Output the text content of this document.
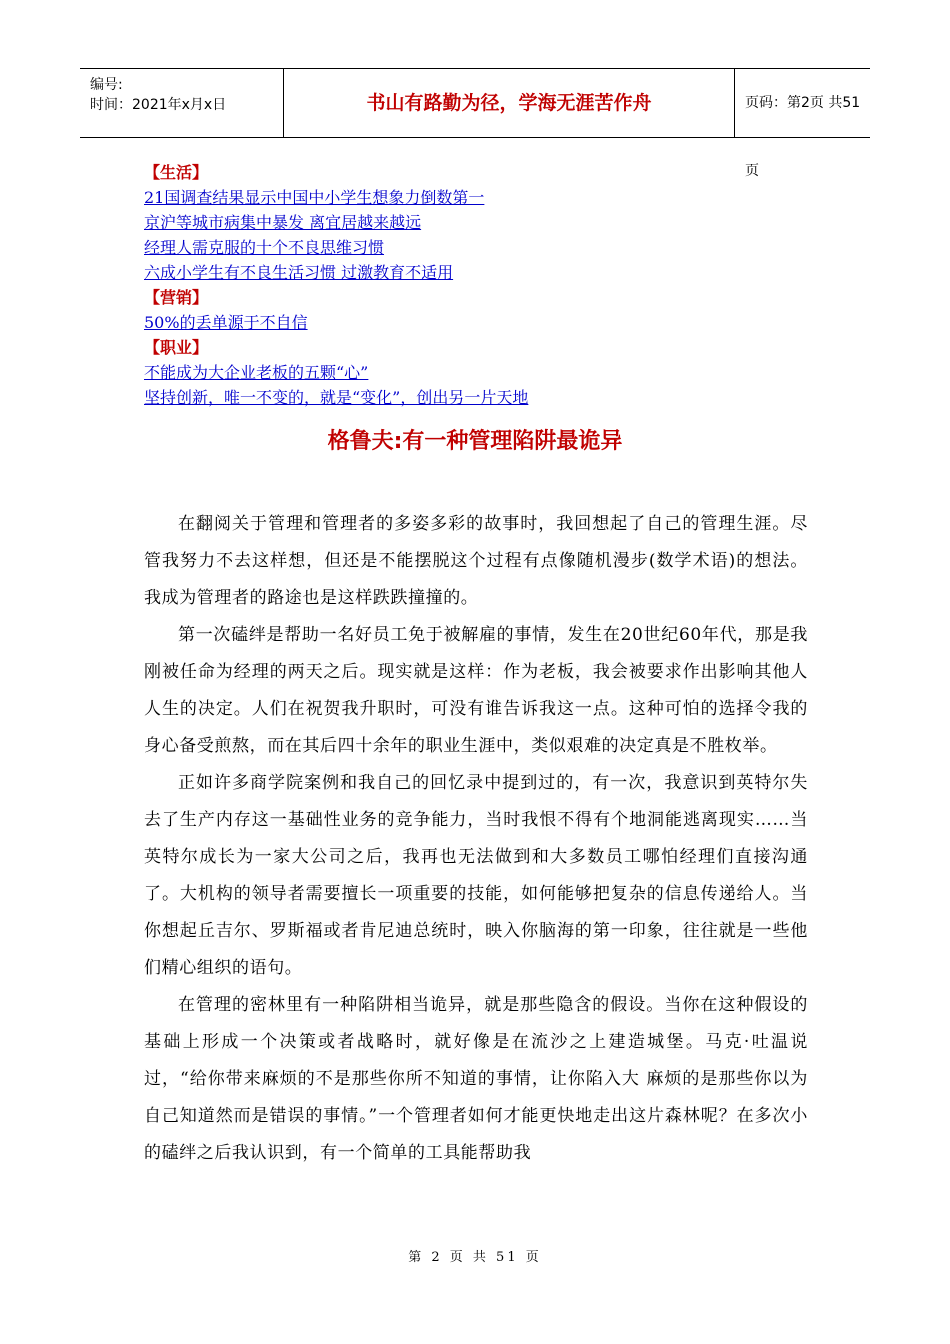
编号:
时间：2021年x月x日	书山有路勤为径，学海无涯苦作舟	页码：第2页 共51页
【生活】
21国调查结果显示中国中小学生想象力倒数第一
京沪等城市病集中暴发 离宜居越来越远
经理人需克服的十个不良思维习惯
六成小学生有不良生活习惯 过激教育不适用
【营销】
50%的丢单源于不自信
【职业】
不能成为大企业老板的五颗“心”
坚持创新，唯一不变的，就是“变化”，创出另一片天地
格鲁夫:有一种管理陷阱最诡异

在翻阅关于管理和管理者的多姿多彩的故事时，我回想起了自己的管理生涯。尽管我努力不去这样想，但还是不能摆脱这个过程有点像随机漫步(数学术语)的想法。我成为管理者的路途也是这样跌跌撞撞的。

第一次磕绊是帮助一名好员工免于被解雇的事情，发生在20世纪60年代，那是我刚被任命为经理的两天之后。现实就是这样：作为老板，我会被要求作出影响其他人人生的决定。人们在祝贺我升职时，可没有谁告诉我这一点。这种可怕的选择令我的身心备受煎熬，而在其后四十余年的职业生涯中，类似艰难的决定真是不胜枚举。

正如许多商学院案例和我自己的回忆录中提到过的，有一次，我意识到英特尔失去了生产内存这一基础性业务的竞争能力，当时我恨不得有个地洞能逃离现实……当英特尔成长为一家大公司之后，我再也无法做到和大多数员工哪怕经理们直接沟通了。大机构的领导者需要擅长一项重要的技能，如何能够把复杂的信息传递给人。当你想起丘吉尔、罗斯福或者肯尼迪总统时，映入你脑海的第一印象，往往就是一些他们精心组织的语句。

在管理的密林里有一种陷阱相当诡异，就是那些隐含的假设。当你在这种假设的基础上形成一个决策或者战略时，就好像是在流沙之上建造城堡。马克·吐温说过，“给你带来麻烦的不是那些你所不知道的事情，让你陷入大 麻烦的是那些你以为自己知道然而是错误的事情。”一个管理者如何才能更快地走出这片森林呢？在多次小的磕绊之后我认识到，有一个简单的工具能帮助我

第 2 页 共 51 页
